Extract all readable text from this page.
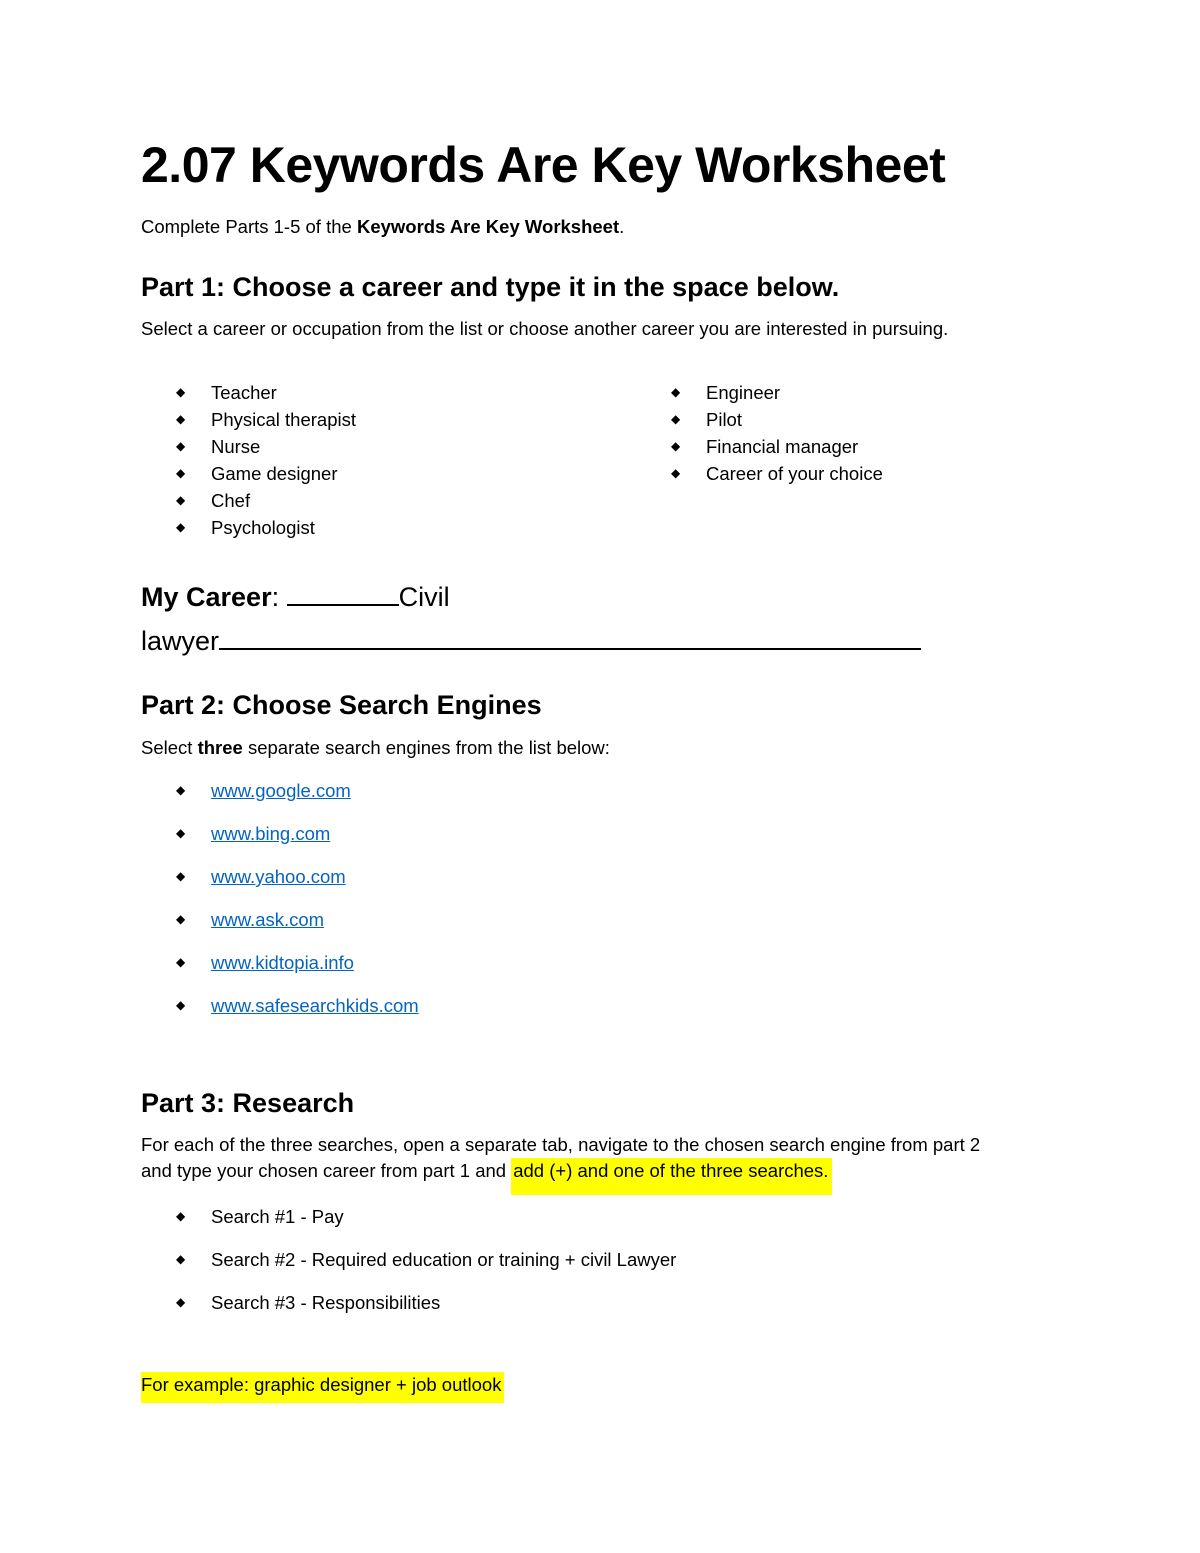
2.07 Keywords Are Key Worksheet
Complete Parts 1-5 of the Keywords Are Key Worksheet.
Part 1: Choose a career and type it in the space below.
Select a career or occupation from the list or choose another career you are interested in pursuing.
◆ Teacher
◆ Physical therapist
◆ Nurse
◆ Game designer
◆ Chef
◆ Psychologist
◆ Engineer
◆ Pilot
◆ Financial manager
◆ Career of your choice
My Career:	Civil
lawyer
Part 2: Choose Search Engines
Select three separate search engines from the list below:
◆ www.google.com
◆ www.bing.com
◆ www.yahoo.com
◆ www.ask.com
◆ www.kidtopia.info
◆ www.safesearchkids.com
Part 3: Research
For each of the three searches, open a separate tab, navigate to the chosen search engine from part 2
and type your chosen career from part 1 and add (+) and one of the three searches.
◆ Search #1 - Pay
◆ Search #2 - Required education or training + civil Lawyer
◆ Search #3 - Responsibilities
For example: graphic designer + job outlook
